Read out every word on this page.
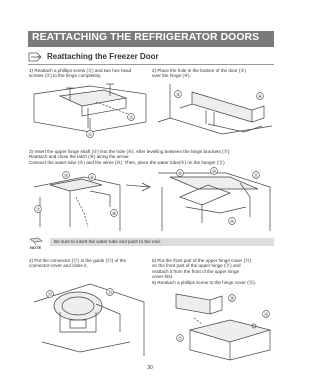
REATTACHING THE REFRIGERATOR DOORS
Reattaching the Freezer Door
1) Reattach a phillips screw (①) and two hex head
screws (②) to the hinge completely.
2) Place the hole in the bottom of the door (③)
over the hinge (④).
②
①
③	④
3) Insert the upper hinge shaft (⑤) into the hole (⑥). After levelling between the hinge brackets (⑦)
Reattach and close the latch (⑧) along the arrow.
Connect the water tube (⑨) and the wires (⑩). Then, place the water tube(⑨) on the hanger (⑪)
⑤	⑥
⑦
⑧
⑨	⑩
⑪
⑨
NOTE
Be sure to insert the water tube and push to the end.
4) Put the connector (⑫) in the guide (⑬) of the
connector-cover and close it.
5) Put the front part of the upper hinge cover (⑭)
on the front part of the upper hinge (⑮) and
reattach it from the front of the upper hinge
cover first.
6) Reattach a phillips screw to the hinge cover (⑯).
⑫	⑬
⑭
⑮
⑯
30
